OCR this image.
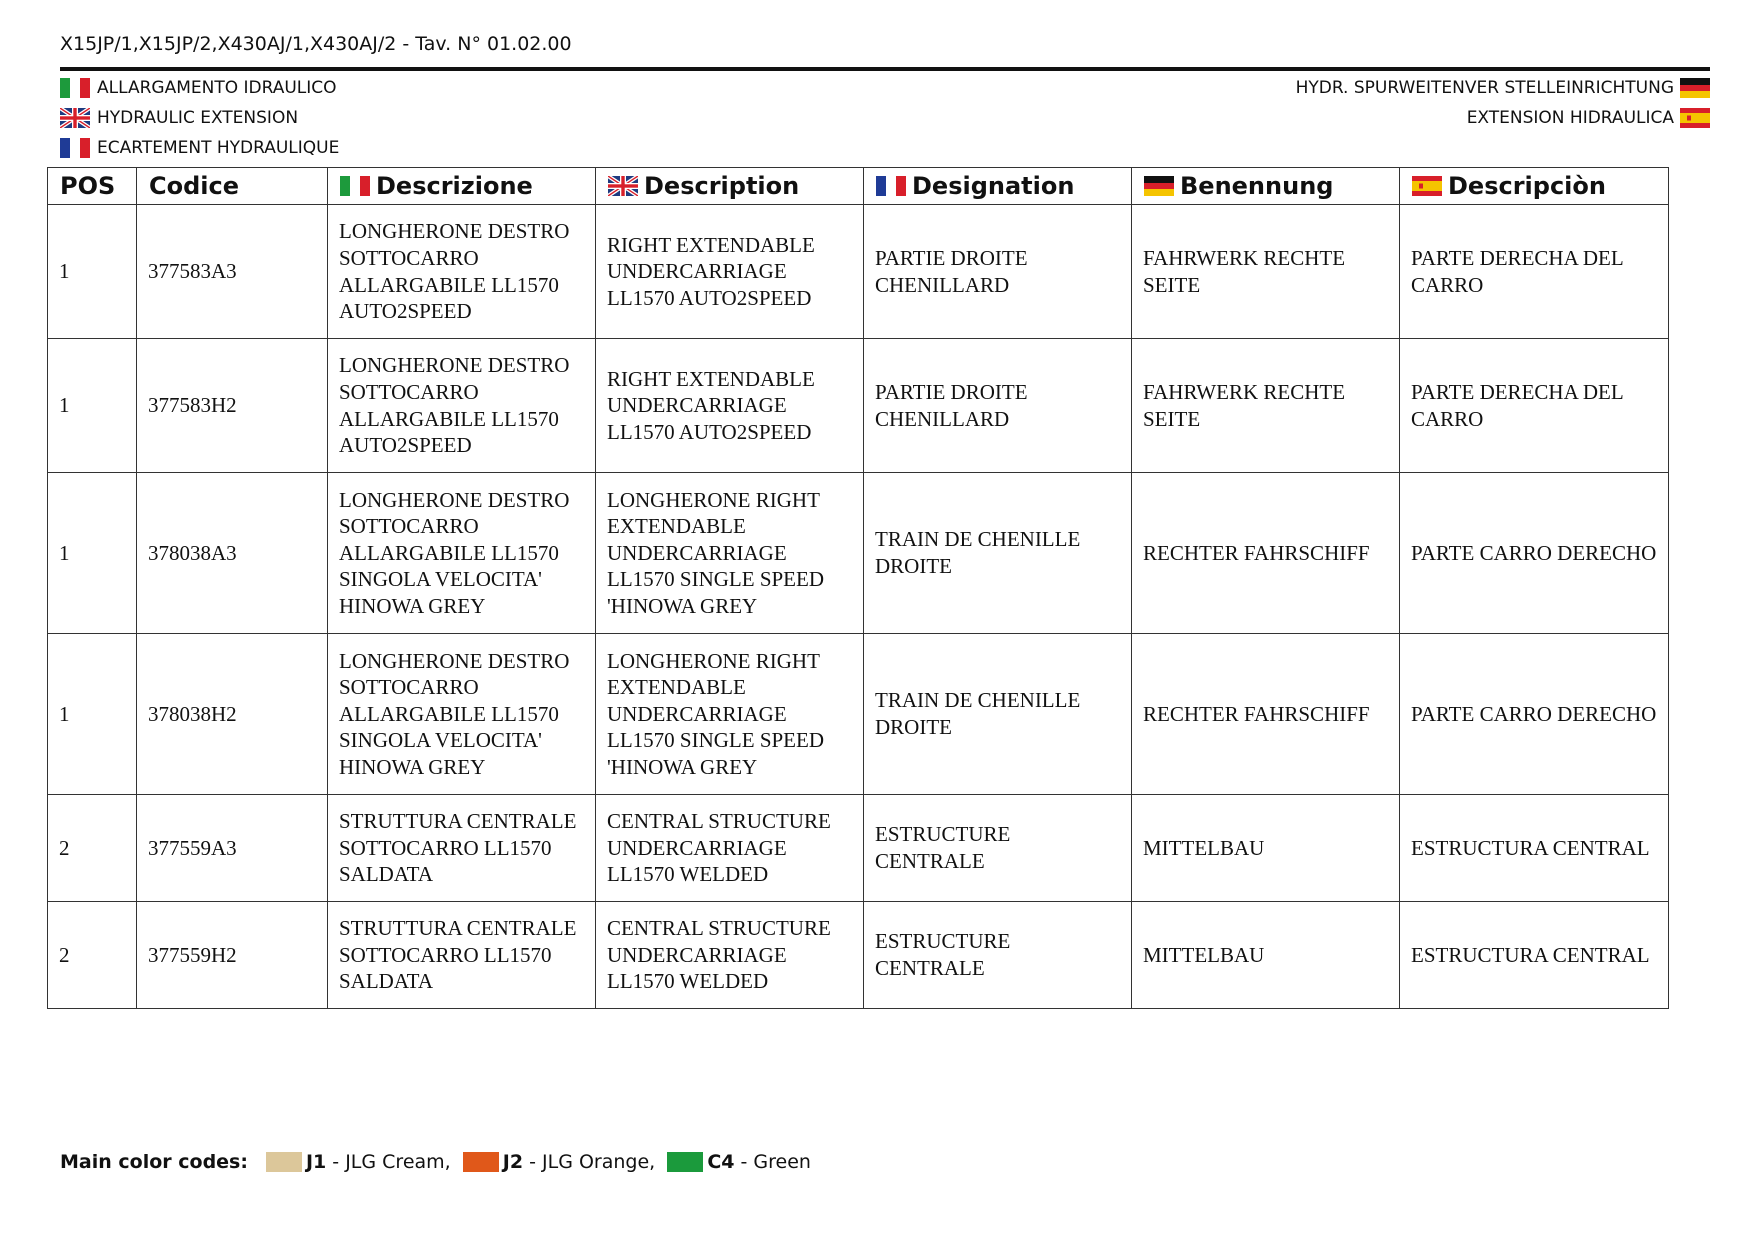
X15JP/1,X15JP/2,X430AJ/1,X430AJ/2 - Tav. N° 01.02.00
ALLARGAMENTO IDRAULICO
HYDRAULIC EXTENSION
ECARTEMENT HYDRAULIQUE
HYDR. SPURWEITENVER STELLEINRICHTUNG
EXTENSION HIDRAULICA
POS	Codice	Descrizione	Description	Designation	Benennung	Descripciòn
1	377583A3	LONGHERONE DESTRO SOTTOCARRO ALLARGABILE LL1570 AUTO2SPEED	RIGHT EXTENDABLE UNDERCARRIAGE LL1570 AUTO2SPEED	PARTIE DROITE CHENILLARD	FAHRWERK RECHTE SEITE	PARTE DERECHA DEL CARRO
1	377583H2	LONGHERONE DESTRO SOTTOCARRO ALLARGABILE LL1570 AUTO2SPEED	RIGHT EXTENDABLE UNDERCARRIAGE LL1570 AUTO2SPEED	PARTIE DROITE CHENILLARD	FAHRWERK RECHTE SEITE	PARTE DERECHA DEL CARRO
1	378038A3	LONGHERONE DESTRO SOTTOCARRO ALLARGABILE LL1570 SINGOLA VELOCITA' HINOWA GREY	LONGHERONE RIGHT EXTENDABLE UNDERCARRIAGE LL1570 SINGLE SPEED 'HINOWA GREY	TRAIN DE CHENILLE DROITE	RECHTER FAHRSCHIFF	PARTE CARRO DERECHO
1	378038H2	LONGHERONE DESTRO SOTTOCARRO ALLARGABILE LL1570 SINGOLA VELOCITA' HINOWA GREY	LONGHERONE RIGHT EXTENDABLE UNDERCARRIAGE LL1570 SINGLE SPEED 'HINOWA GREY	TRAIN DE CHENILLE DROITE	RECHTER FAHRSCHIFF	PARTE CARRO DERECHO
2	377559A3	STRUTTURA CENTRALE SOTTOCARRO LL1570 SALDATA	CENTRAL STRUCTURE UNDERCARRIAGE LL1570 WELDED	ESTRUCTURE CENTRALE	MITTELBAU	ESTRUCTURA CENTRAL
2	377559H2	STRUTTURA CENTRALE SOTTOCARRO LL1570 SALDATA	CENTRAL STRUCTURE UNDERCARRIAGE LL1570 WELDED	ESTRUCTURE CENTRALE	MITTELBAU	ESTRUCTURA CENTRAL
Main color codes:	J1 - JLG Cream,
	J2 - JLG Orange,
	C4 - Green
